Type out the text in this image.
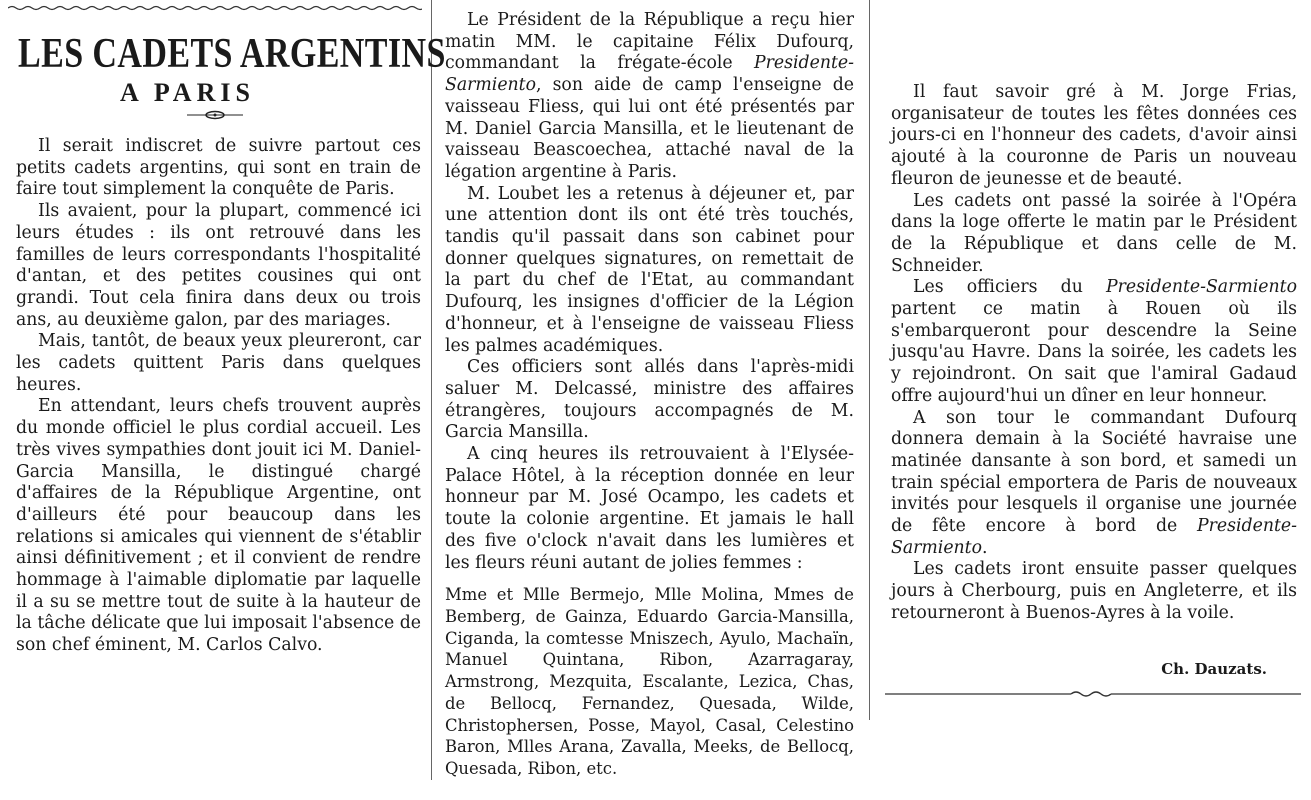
LES CADETS ARGENTINS
A PARIS

Il serait indiscret de suivre partout ces petits cadets argentins, qui sont en train de faire tout simplement la conquête de Paris.

Ils avaient, pour la plupart, commencé ici leurs études : ils ont retrouvé dans les familles de leurs correspondants l'hospitalité d'antan, et des petites cousines qui ont grandi. Tout cela finira dans deux ou trois ans, au deuxième galon, par des mariages.

Mais, tantôt, de beaux yeux pleureront, car les cadets quittent Paris dans quelques heures.

En attendant, leurs chefs trouvent auprès du monde officiel le plus cordial accueil. Les très vives sympathies dont jouit ici M. Daniel-Garcia Mansilla, le distingué chargé d'affaires de la République Argentine, ont d'ailleurs été pour beaucoup dans les relations si amicales qui viennent de s'établir ainsi définitivement ; et il convient de rendre hommage à l'aimable diplomatie par laquelle il a su se mettre tout de suite à la hauteur de la tâche délicate que lui imposait l'absence de son chef éminent, M. Carlos Calvo.

Le Président de la République a reçu hier matin MM. le capitaine Félix Dufourq, commandant la frégate-école Presidente-Sarmiento, son aide de camp l'enseigne de vaisseau Fliess, qui lui ont été présentés par M. Daniel Garcia Mansilla, et le lieutenant de vaisseau Beascoechea, attaché naval de la légation argentine à Paris.

M. Loubet les a retenus à déjeuner et, par une attention dont ils ont été très touchés, tandis qu'il passait dans son cabinet pour donner quelques signatures, on remettait de la part du chef de l'Etat, au commandant Dufourq, les insignes d'officier de la Légion d'honneur, et à l'enseigne de vaisseau Fliess les palmes académiques.

Ces officiers sont allés dans l'après-midi saluer M. Delcassé, ministre des affaires étrangères, toujours accompagnés de M. Garcia Mansilla.

A cinq heures ils retrouvaient à l'Elysée-Palace Hôtel, à la réception donnée en leur honneur par M. José Ocampo, les cadets et toute la colonie argentine. Et jamais le hall des five o'clock n'avait dans les lumières et les fleurs réuni autant de jolies femmes :

Mme et Mlle Bermejo, Mlle Molina, Mmes de Bemberg, de Gainza, Eduardo Garcia-Mansilla, Ciganda, la comtesse Mniszech, Ayulo, Machaïn, Manuel Quintana, Ribon, Azarragaray, Armstrong, Mezquita, Escalante, Lezica, Chas, de Bellocq, Fernandez, Quesada, Wilde, Christophersen, Posse, Mayol, Casal, Celestino Baron, Mlles Arana, Zavalla, Meeks, de Bellocq, Quesada, Ribon, etc.

Il faut savoir gré à M. Jorge Frias, organisateur de toutes les fêtes données ces jours-ci en l'honneur des cadets, d'avoir ainsi ajouté à la couronne de Paris un nouveau fleuron de jeunesse et de beauté.

Les cadets ont passé la soirée à l'Opéra dans la loge offerte le matin par le Président de la République et dans celle de M. Schneider.

Les officiers du Presidente-Sarmiento partent ce matin à Rouen où ils s'embarqueront pour descendre la Seine jusqu'au Havre. Dans la soirée, les cadets les y rejoindront. On sait que l'amiral Gadaud offre aujourd'hui un dîner en leur honneur.

A son tour le commandant Dufourq donnera demain à la Société havraise une matinée dansante à son bord, et samedi un train spécial emportera de Paris de nouveaux invités pour lesquels il organise une journée de fête encore à bord de Presidente-Sarmiento.

Les cadets iront ensuite passer quelques jours à Cherbourg, puis en Angleterre, et ils retourneront à Buenos-Ayres à la voile.

Ch. Dauzats.
